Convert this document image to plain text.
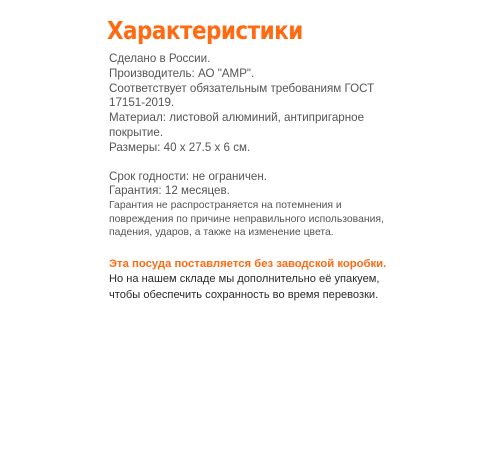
Характеристики
Сделано в России.
Производитель: АО "АМР".
Соответствует обязательным требованиям ГОСТ
17151-2019.
Материал: листовой алюминий, антипригарное
покрытие.
Размеры: 40 х 27.5 х 6 см.
Срок годности: не ограничен.
Гарантия: 12 месяцев.
Гарантия не распространяется на потемнения и
повреждения по причине неправильного использования,
падения, ударов, а также на изменение цвета.
Эта посуда поставляется без заводской коробки.
Но на нашем складе мы дополнительно её упакуем,
чтобы обеспечить сохранность во время перевозки.
